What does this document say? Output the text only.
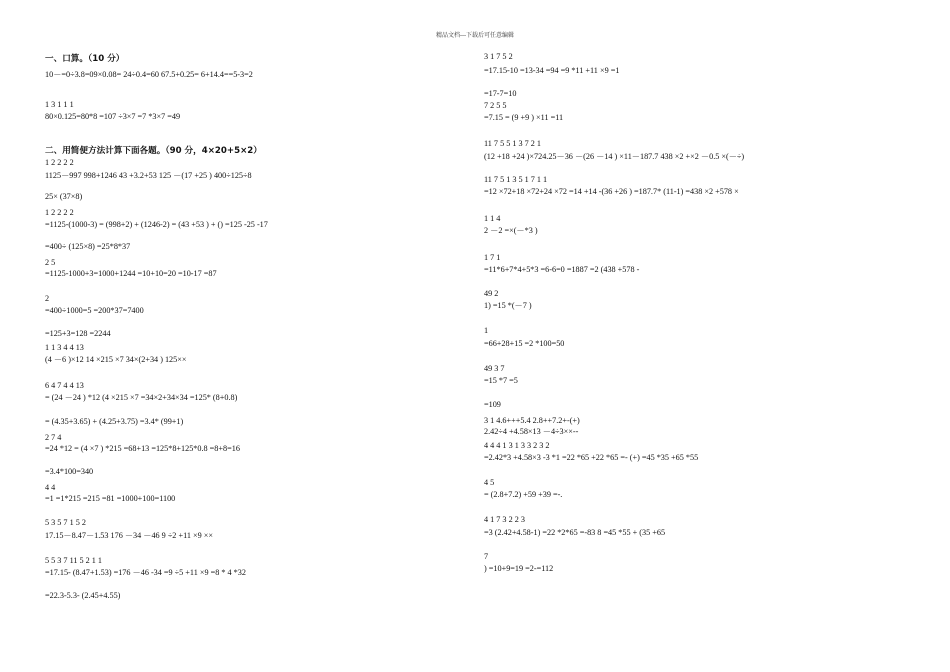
精品文档---下载后可任意编辑
一、口算。（10 分）
10－=0÷3.8=09×0.08= 24÷0.4=60 67.5+0.25= 6+14.4==5-3=2
1 3 1 1 1
80×0.125=80*8 =107 ÷3×7 =7 *3×7 =49
二、用简便方法计算下面各题。（90 分，4×20+5×2）
1 2 2 2 2
1125－997 998+1246 43 +3.2+53 125 －(17 +25 ) 400÷125÷8
25× (37×8)
1 2 2 2 2
=1125-(1000-3) = (998+2) + (1246-2) = (43 +53 ) + () =125 -25 -17
=400÷ (125×8) =25*8*37
2 5
=1125-1000+3=1000+1244 =10+10=20 =10-17 =87
2
=400÷1000=5 =200*37=7400
=125+3=128 =2244
1 1 3 4 4 13
(4 －6 )×12 14 ×215 ×7 34×(2+34 ) 125××
6 4 7 4 4 13
= (24 －24 ) *12 (4 ×215 ×7 =34×2+34×34 =125* (8+0.8)
= (4.35+3.65) + (4.25+3.75) =3.4* (99+1)
2 7 4
=24 *12 = (4 ×7 ) *215 =68+13 =125*8+125*0.8 =8+8=16
=3.4*100=340
4 4
=1 =1*215 =215 =81 =1000+100=1100
5 3 5 7 1 5 2
17.15－8.47－1.53 176 －34 －46 9 ÷2 +11 ×9 ××
5 5 3 7 11 5 2 1 1
=17.15- (8.47+1.53) =176 －46 -34 =9 ÷5 +11 ×9 =8 * 4 *32
=22.3-5.3- (2.45+4.55)
3 1 7 5 2
=17.15-10 =13-34 =94 =9 *11 +11 ×9 =1
=17-7=10
7 2 5 5
=7.15 = (9 +9 ) ×11 =11
11 7 5 5 1 3 7 2 1
(12 +18 +24 )×724.25－36 －(26 －14 ) ×11－187.7 438 ×2 +×2 －0.5 ×(－÷)
11 7 5 1 3 5 1 7 1 1
=12 ×72+18 ×72+24 ×72 =14 +14 -(36 +26 ) =187.7* (11-1) =438 ×2 +578 ×
1 1 4
2 －2 =×(－*3 )
1 7 1
=11*6+7*4+5*3 =6-6=0 =1887 =2 (438 +578 -
49 2
1) =15 *(－7 )
1
=66+28+15 =2 *100=50
49 3 7
=15 *7 =5
=109
3 1 4.6+++5.4 2.8++7.2+-(+)
2.42÷4 +4.58×13 －4÷3××--
4 4 4 1 3 1 3 3 2 3 2
=2.42*3 +4.58×3 -3 *1 =22 *65 +22 *65 =- (+) =45 *35 +65 *55
4 5
= (2.8+7.2) +59 +39 =-.
4 1 7 3 2 2 3
=3 (2.42+4.58-1) =22 *2*65 =-83 8 =45 *55 + (35 +65
7
) =10+9=19 =2-=112
